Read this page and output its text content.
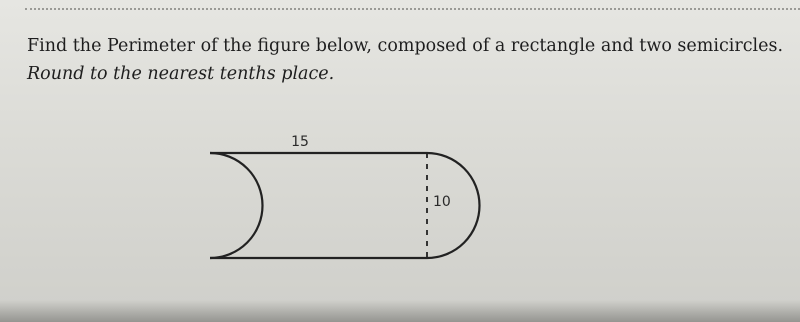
Find the Perimeter of the figure below, composed of a rectangle and two semicircles.
Round to the nearest tenths place.
15
10
